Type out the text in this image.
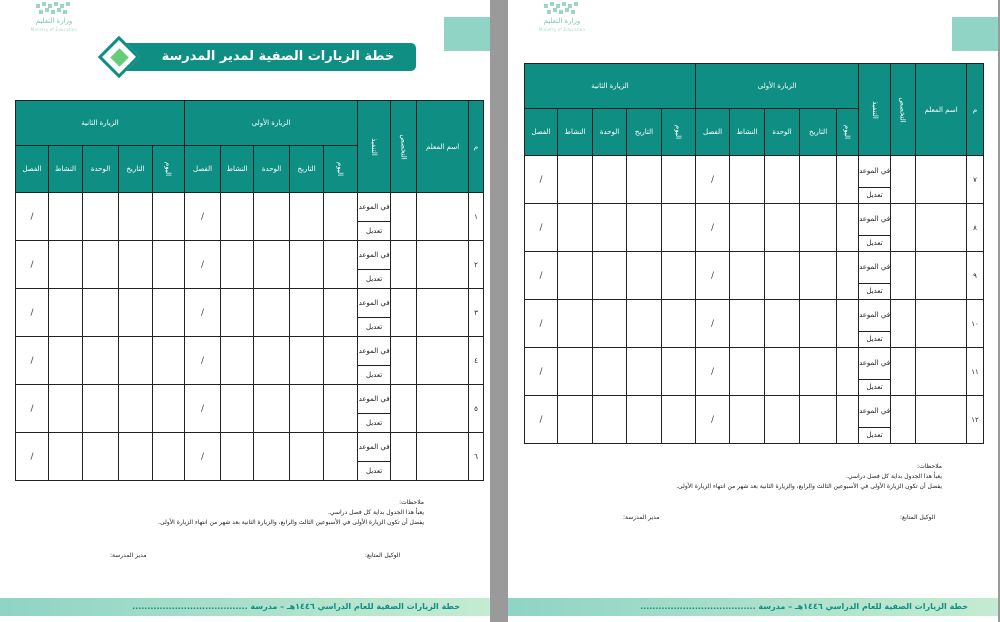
وزارة التعليم
Ministry of Education
خطة الزيارات الصفية لمدير المدرسة
م	اسم المعلم	التخصص	التنفيذ	الزيارة الأولى					الزيارة الثانية				
				اليوم	التاريخ	الوحدة	النشاط	الفصل	اليوم	التاريخ	الوحدة	النشاط	الفصل
١			في الموعد					/					/
			تعديل										
٢			في الموعد					/					/
			تعديل										
٣			في الموعد					/					/
			تعديل										
٤			في الموعد					/					/
			تعديل										
٥			في الموعد					/					/
			تعديل										
٦			في الموعد					/					/
			تعديل										
ملاحظات:
يعبأ هذا الجدول بداية كل فصل دراسي.
يفضل أن تكون الزيارة الأولى في الأسبوعين الثالث والرابع، والزيارة الثانية بعد شهر من انتهاء الزيارة الأولى.
الوكيل المتابع:
مدير المدرسة:
خطة الزيارات الصفية للعام الدراسي ١٤٤٦هـ – مدرسة ......................................
وزارة التعليم
Ministry of Education
م	اسم المعلم	التخصص	التنفيذ	الزيارة الأولى					الزيارة الثانية				
				اليوم	التاريخ	الوحدة	النشاط	الفصل	اليوم	التاريخ	الوحدة	النشاط	الفصل
٧			في الموعد					/					/
			تعديل										
٨			في الموعد					/					/
			تعديل										
٩			في الموعد					/					/
			تعديل										
١٠			في الموعد					/					/
			تعديل										
١١			في الموعد					/					/
			تعديل										
١٢			في الموعد					/					/
			تعديل										
ملاحظات:
يعبأ هذا الجدول بداية كل فصل دراسي.
يفضل أن تكون الزيارة الأولى في الأسبوعين الثالث والرابع، والزيارة الثانية بعد شهر من انتهاء الزيارة الأولى.
الوكيل المتابع:
مدير المدرسة:
خطة الزيارات الصفية للعام الدراسي ١٤٤٦هـ – مدرسة ......................................
